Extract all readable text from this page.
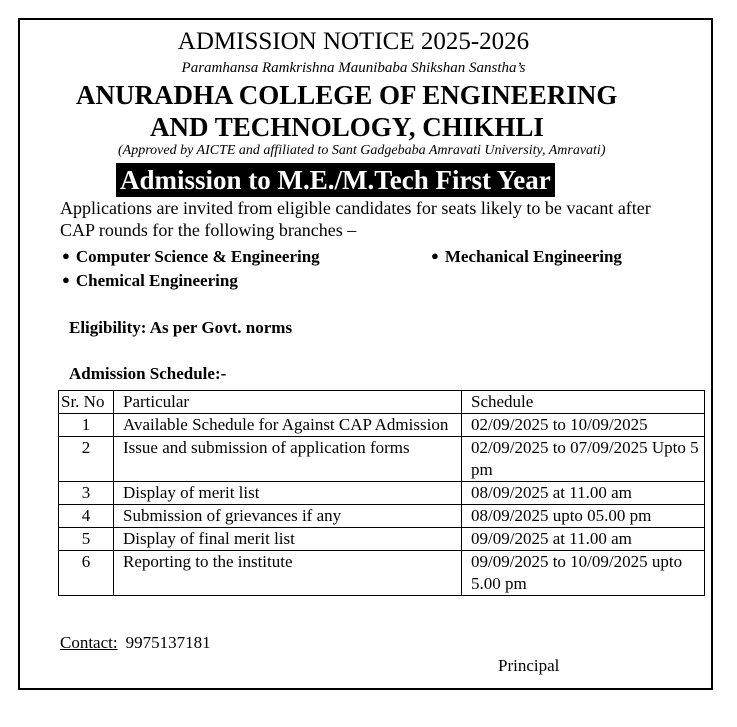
ADMISSION NOTICE 2025-2026
Paramhansa Ramkrishna Maunibaba Shikshan Sanstha’s
ANURADHA COLLEGE OF ENGINEERING
AND TECHNOLOGY, CHIKHLI
(Approved by AICTE and affiliated to Sant Gadgebaba Amravati University, Amravati)
Admission to M.E./M.Tech First Year
Applications are invited from eligible candidates for seats likely to be vacant after CAP rounds for the following branches –
● Computer Science & Engineering	● Mechanical Engineering
● Chemical Engineering
Eligibility: As per Govt. norms
Admission Schedule:-
Sr. No	Particular	Schedule
1	Available Schedule for Against CAP Admission	02/09/2025 to 10/09/2025
2	Issue and submission of application forms	02/09/2025 to 07/09/2025 Upto 5 pm
3	Display of merit list	08/09/2025 at 11.00 am
4	Submission of grievances if any	08/09/2025 upto 05.00 pm
5	Display of final merit list	09/09/2025 at 11.00 am
6	Reporting to the institute	09/09/2025 to 10/09/2025 upto 5.00 pm
Contact: 9975137181
Principal
